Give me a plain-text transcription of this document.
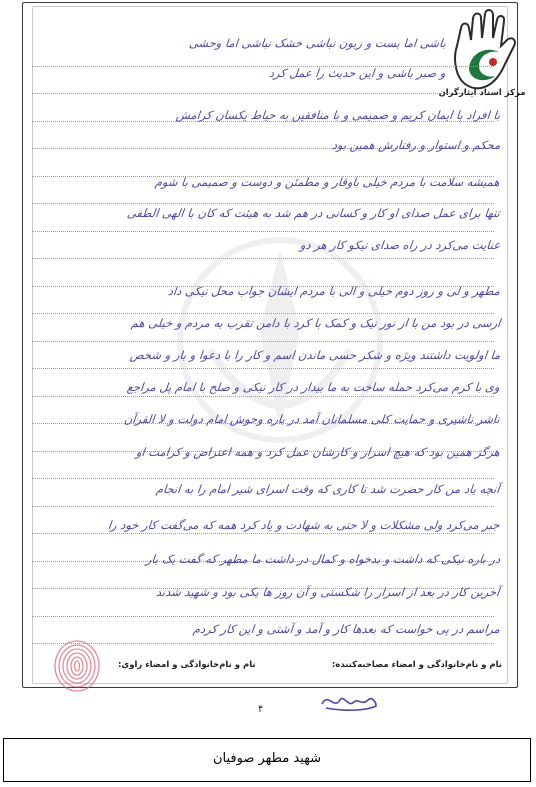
مرکز اسناد ایثارگران
باشی اما بست و زبون نباشی خشک نباشی اما وحشی
و صبر باشی و این حدیث را عمل کرد
با افراد با ایمان کریم و صمیمی و با منافقین به حیاط یکسان کرامش
محکم و استوار و رفتارش همین بود
همیشه سلامت با مردم خیلی باوقار و مطمئن و دوست و صمیمی با شوم
تنها برای عمل صدای او کار و کسانی در هم شد به هیئت که کان با الهی الطفی
عنایت می‌کرد در راه صدای نیکو کار هر دو
مطهر و لی و روز دوم خیلی و الی با مردم ایشان جواب محل نیکی داد
ارسی در بود من با از نور نیک و کمک با کرد با دامن تقرب به مردم و خیلی هم
ما اولویت داشتند ویژه و شکر حسی ماندن اسم و کار را با دعوا و بار و شخص
وی با کرم می‌کرد حمله ساخت به ما بیدار در کار نیکی و صلح با امام پل مراجع
ناشر ناشیری و حمایت کلی مسلمانان آمد در باره وحوش امام دولت و لا القرآن
هرگز همین بود که هیچ اسرار و کارشان عمل کرد و همه اعتراض و کرامت او
آنچه یاد من کار حضرت شد تا کاری که وقت اسرای شیر امام را به انجام
جبر می‌کرد ولی مشکلات و لا حتی به شهادت و یاد کرد همه که می‌گفت کار خود را
در باره نیکی که داشت و بدخواه و کمال در داشت ما مطهر که گفت یک بار
آخرین کار در بعد از اسرار را شکستی و آن روز ها یکی بود و شهید شدند
مراسم در پی خواست که بعدها کار و آمد و آشتی و این کار کردم
نام و نام‌خانوادگی و امضاء مصاحبه‌کننده:
نام و نام‌خانوادگی و امضاء راوی:
۴
شهید مطهر صوفیان
